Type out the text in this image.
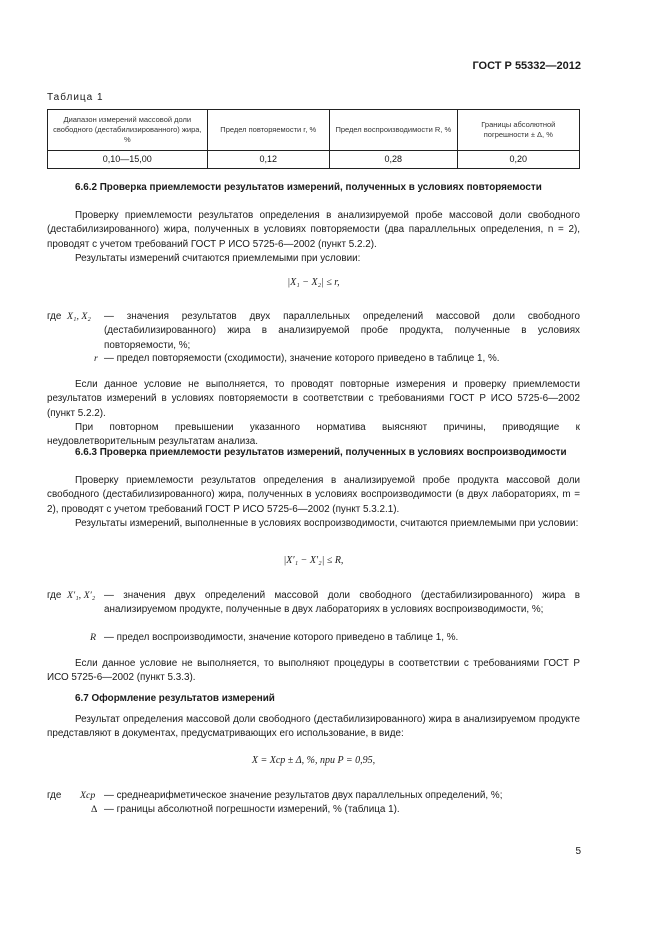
ГОСТ Р 55332—2012
Таблица 1
Диапазон измерений массовой доли свободного (дестабилизированного) жира, %	Предел повторяемости r, %	Предел воспроизводимости R, %	Границы абсолютной погрешности ± Δ, %
0,10—15,00	0,12	0,28	0,20
6.6.2 Проверка приемлемости результатов измерений, полученных в условиях повторяемости
Проверку приемлемости результатов определения в анализируемой пробе массовой доли свободного (дестабилизированного) жира, полученных в условиях повторяемости (два параллельных определения, n = 2), проводят с учетом требований ГОСТ Р ИСО 5725-6—2002 (пункт 5.2.2).
Результаты измерений считаются приемлемыми при условии:
|X₁ − X₂| ≤ r,
где X₁, X₂ — значения результатов двух параллельных определений массовой доли свободного (дестабилизированного) жира в анализируемой пробе продукта, полученные в условиях повторяемости, %;
r — предел повторяемости (сходимости), значение которого приведено в таблице 1, %.
Если данное условие не выполняется, то проводят повторные измерения и проверку приемлемости результатов измерений в условиях повторяемости в соответствии с требованиями ГОСТ Р ИСО 5725-6—2002 (пункт 5.2.2).
При повторном превышении указанного норматива выясняют причины, приводящие к неудовлетворительным результатам анализа.
6.6.3 Проверка приемлемости результатов измерений, полученных в условиях воспроизводимости
Проверку приемлемости результатов определения в анализируемой пробе продукта массовой доли свободного (дестабилизированного) жира, полученных в условиях воспроизводимости (в двух лабораториях, m = 2), проводят с учетом требований ГОСТ Р ИСО 5725-6—2002 (пункт 5.3.2.1).
Результаты измерений, выполненные в условиях воспроизводимости, считаются приемлемыми при условии:
|X′₁ − X′₂| ≤ R,
где X′₁, X′₂ — значения двух определений массовой доли свободного (дестабилизированного) жира в анализируемом продукте, полученные в двух лабораториях в условиях воспроизводимости, %;
R — предел воспроизводимости, значение которого приведено в таблице 1, %.
Если данное условие не выполняется, то выполняют процедуры в соответствии с требованиями ГОСТ Р ИСО 5725-6—2002 (пункт 5.3.3).
6.7 Оформление результатов измерений
Результат определения массовой доли свободного (дестабилизированного) жира в анализируемом продукте представляют в документах, предусматривающих его использование, в виде:
X = Xср ± Δ, %, при P = 0,95,
где Xср — среднеарифметическое значение результатов двух параллельных определений, %;
Δ — границы абсолютной погрешности измерений, % (таблица 1).
5
